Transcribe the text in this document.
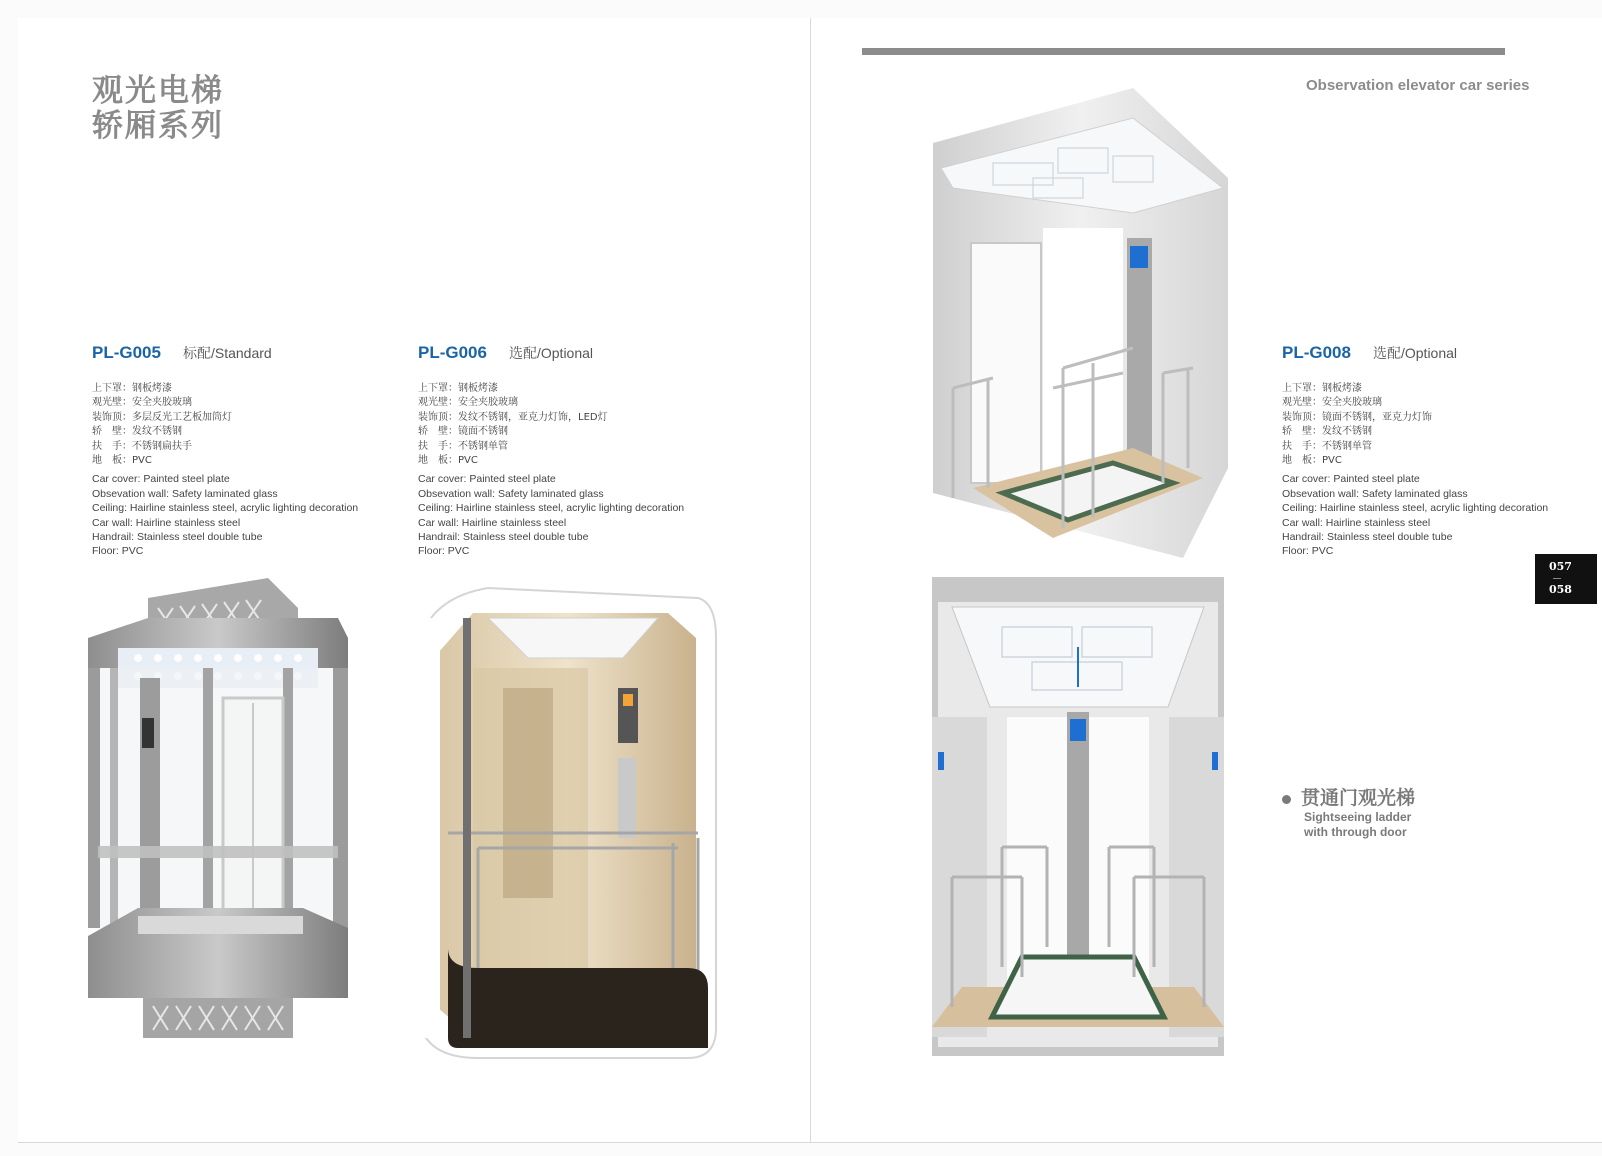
观光电梯
轿厢系列
PL-G005 标配/Standard
上下罩：钢板烤漆
观光壁：安全夹胶玻璃
装饰顶：多层反光工艺板加筒灯
轿　壁：发纹不锈钢
扶　手：不锈钢扁扶手
地　板：PVC
Car cover: Painted steel plate
Obsevation wall: Safety laminated glass
Ceiling: Hairline stainless steel, acrylic lighting decoration
Car wall: Hairline stainless steel
Handrail: Stainless steel double tube
Floor: PVC
PL-G006 选配/Optional
上下罩：钢板烤漆
观光壁：安全夹胶玻璃
装饰顶：发纹不锈钢，亚克力灯饰，LED灯
轿　壁：镜面不锈钢
扶　手：不锈钢单管
地　板：PVC
Car cover: Painted steel plate
Obsevation wall: Safety laminated glass
Ceiling: Hairline stainless steel, acrylic lighting decoration
Car wall: Hairline stainless steel
Handrail: Stainless steel double tube
Floor: PVC
Observation elevator car series
PL-G008 选配/Optional
上下罩：钢板烤漆
观光壁：安全夹胶玻璃
装饰顶：镜面不锈钢，亚克力灯饰
轿　壁：发纹不锈钢
扶　手：不锈钢单管
地　板：PVC
Car cover: Painted steel plate
Obsevation wall: Safety laminated glass
Ceiling: Hairline stainless steel, acrylic lighting decoration
Car wall: Hairline stainless steel
Handrail: Stainless steel double tube
Floor: PVC
057
058
贯通门观光梯
Sightseeing ladder
with through door
